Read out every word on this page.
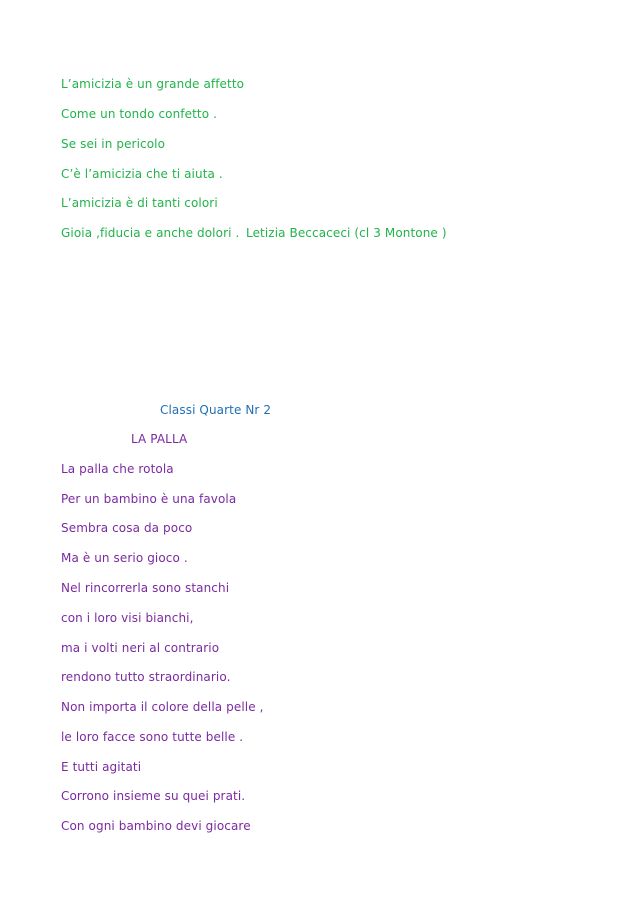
L’amicizia è un grande affetto
Come un tondo confetto .
Se sei in pericolo
C’è l’amicizia che ti aiuta .
L’amicizia è di tanti colori
Gioia ,fiducia e anche dolori . Letizia Beccaceci (cl 3 Montone )
Classi Quarte Nr 2
LA PALLA
La palla che rotola
Per un bambino è una favola
Sembra cosa da poco
Ma è un serio gioco .
Nel rincorrerla sono stanchi
con i loro visi bianchi,
ma i volti neri al contrario
rendono tutto straordinario.
Non importa il colore della pelle ,
le loro facce sono tutte belle .
E tutti agitati
Corrono insieme su quei prati.
Con ogni bambino devi giocare
